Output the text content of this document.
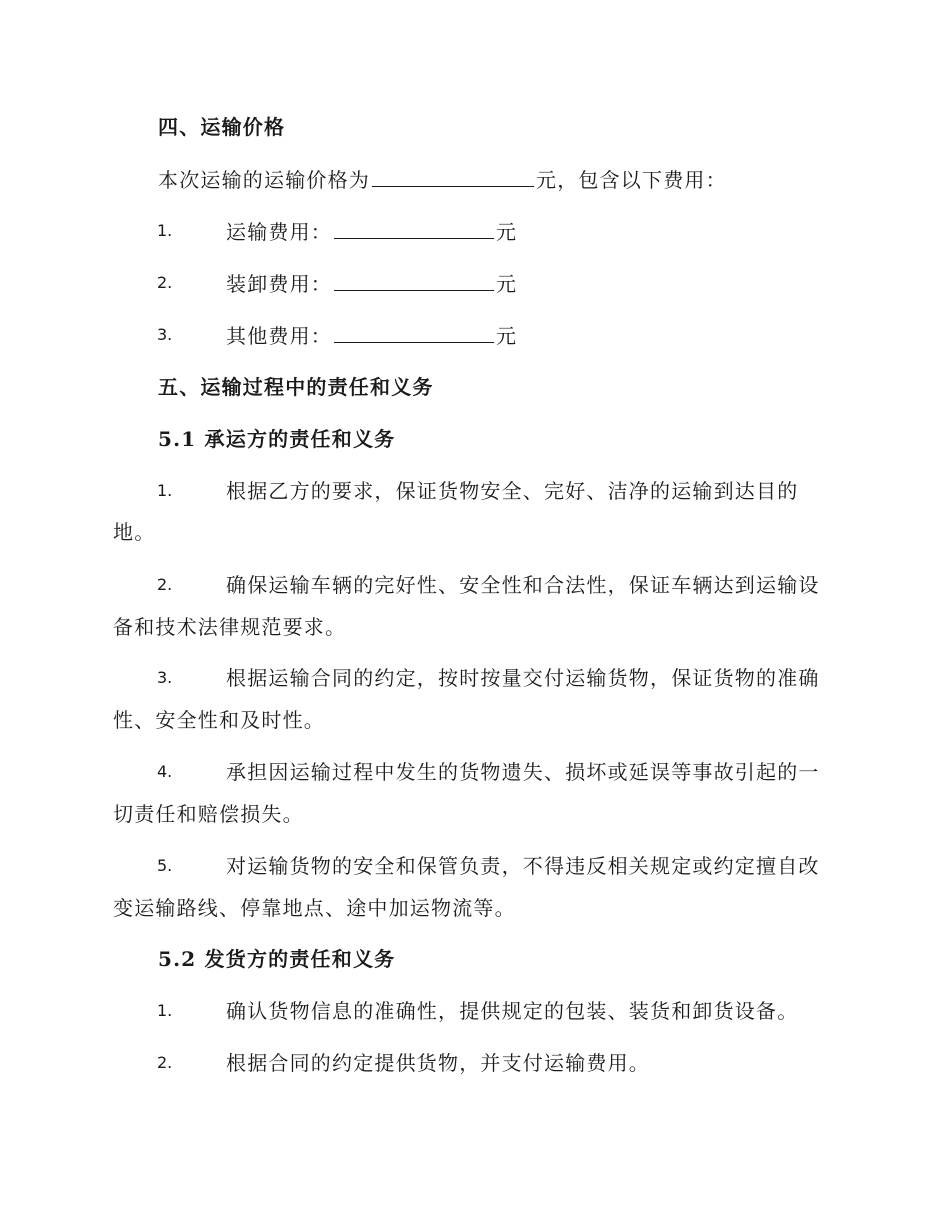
四、运输价格
本次运输的运输价格为	元，包含以下费用：
1.	运输费用：	元
2.	装卸费用：	元
3.	其他费用：	元
五、运输过程中的责任和义务
5.1 承运方的责任和义务
1.	根据乙方的要求，保证货物安全、完好、洁净的运输到达目的
地。
2.	确保运输车辆的完好性、安全性和合法性，保证车辆达到运输设
备和技术法律规范要求。
3.	根据运输合同的约定，按时按量交付运输货物，保证货物的准确
性、安全性和及时性。
4.	承担因运输过程中发生的货物遗失、损坏或延误等事故引起的一
切责任和赔偿损失。
5.	对运输货物的安全和保管负责，不得违反相关规定或约定擅自改
变运输路线、停靠地点、途中加运物流等。
5.2 发货方的责任和义务
1.	确认货物信息的准确性，提供规定的包装、装货和卸货设备。
2.	根据合同的约定提供货物，并支付运输费用。
